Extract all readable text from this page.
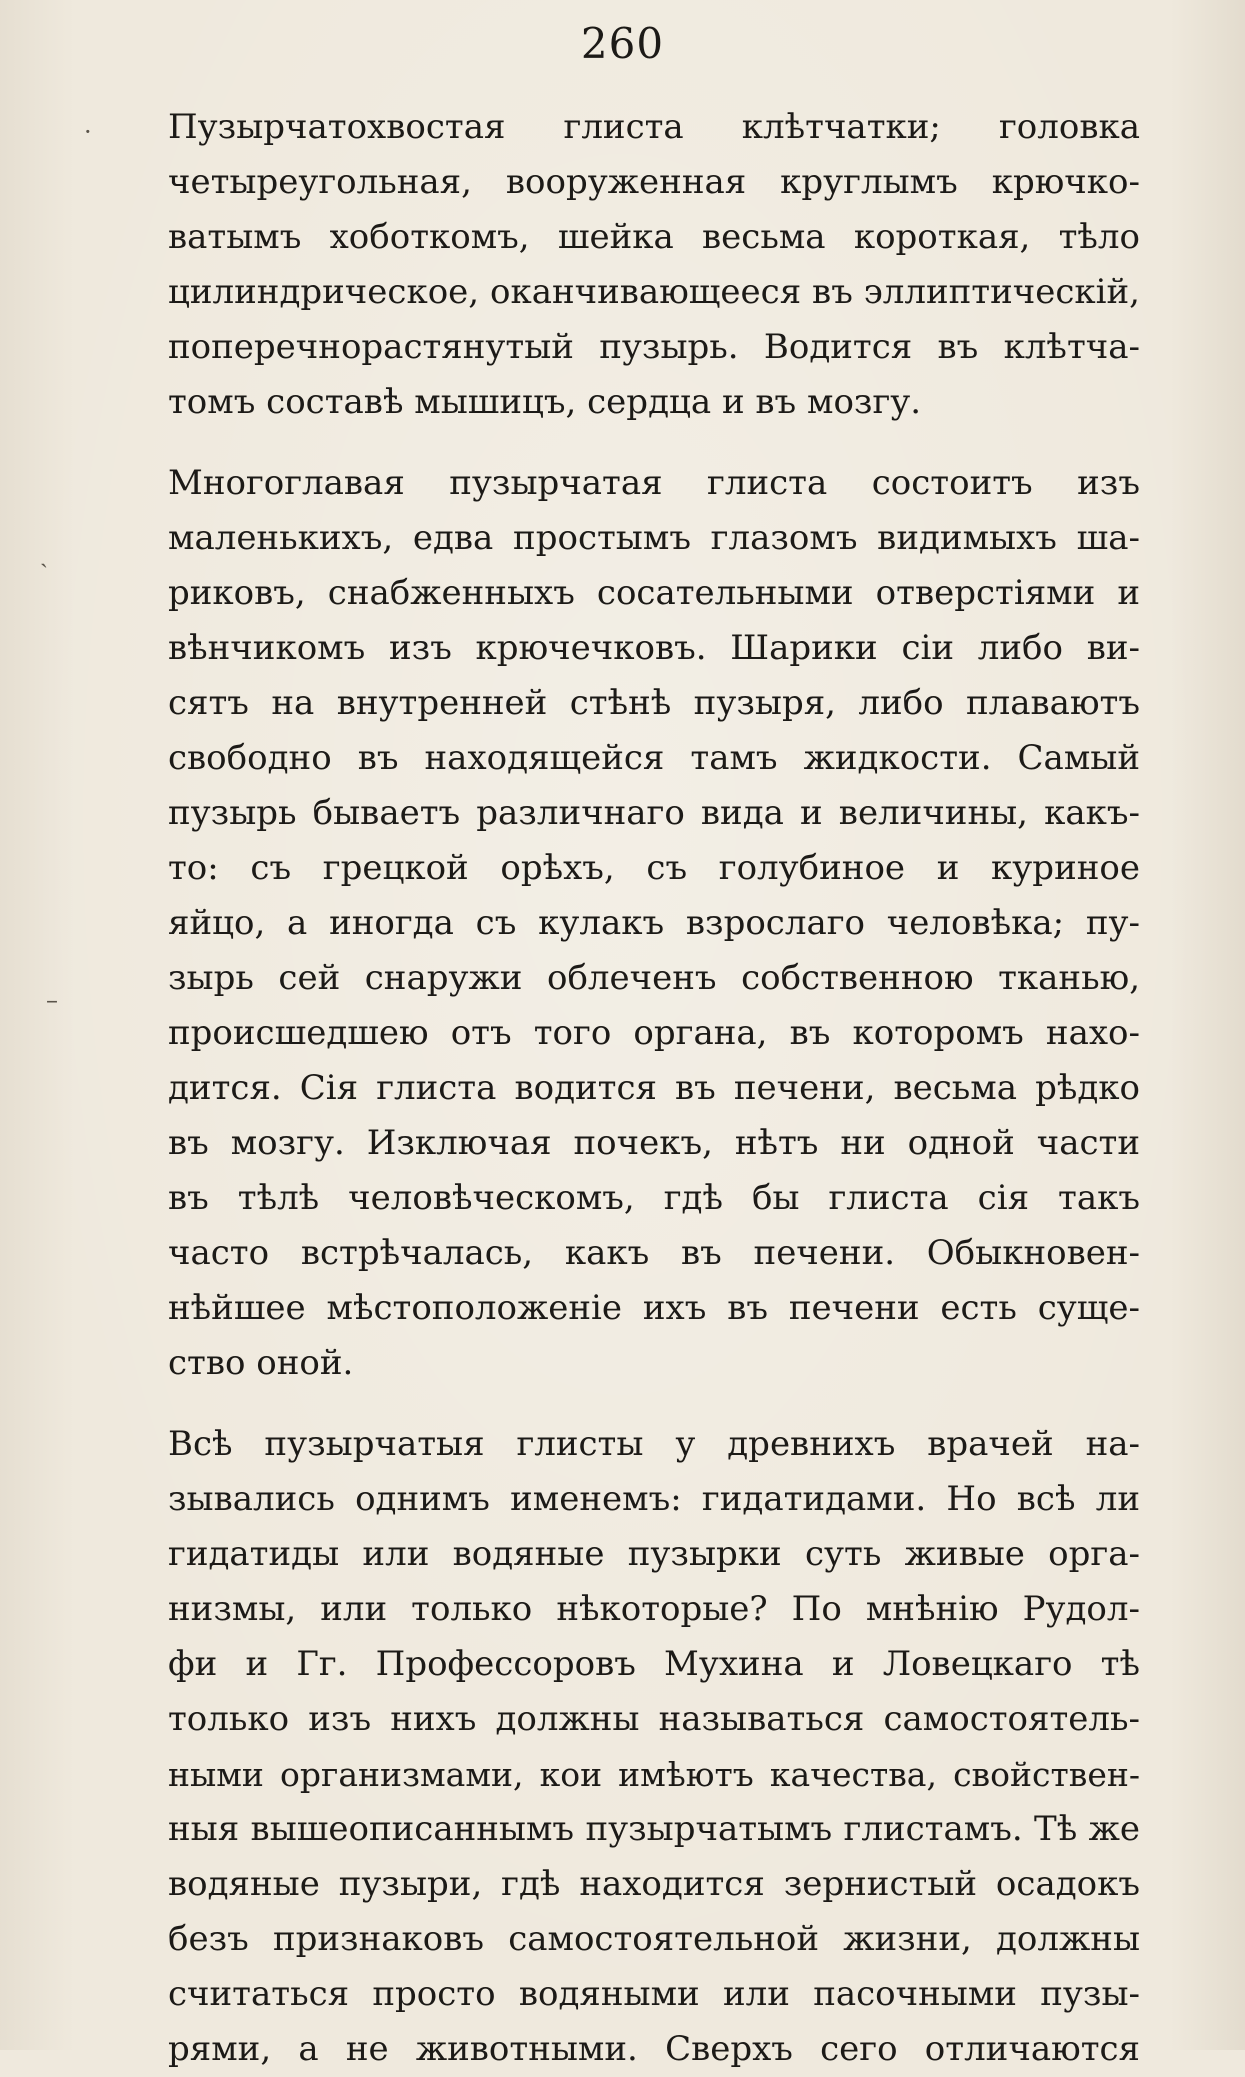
260
·
ˏ
–
Пузырчатохвостая глиста клѣтчатки; головка
четыреугольная, вооруженная круглымъ крючко-
ватымъ хоботкомъ, шейка весьма короткая, тѣло
цилиндрическое, оканчивающееся въ эллиптическій,
поперечнорастянутый пузырь. Водится въ клѣтча-
томъ составѣ мышицъ, сердца и въ мозгу.
Многоглавая пузырчатая глиста состоитъ изъ
маленькихъ, едва простымъ глазомъ видимыхъ ша-
риковъ, снабженныхъ сосательными отверстіями и
вѣнчикомъ изъ крючечковъ. Шарики сіи либо ви-
сятъ на внутренней стѣнѣ пузыря, либо плаваютъ
свободно въ находящейся тамъ жидкости. Самый
пузырь бываетъ различнаго вида и величины, какъ-
то: съ грецкой орѣхъ, съ голубиное и куриное
яйцо, а иногда съ кулакъ взрослаго человѣка; пу-
зырь сей снаружи облеченъ собственною тканью,
происшедшею отъ того органа, въ которомъ нахо-
дится. Сія глиста водится въ печени, весьма рѣдко
въ мозгу. Изключая почекъ, нѣтъ ни одной части
въ тѣлѣ человѣческомъ, гдѣ бы глиста сія такъ
часто встрѣчалась, какъ въ печени. Обыкновен-
нѣйшее мѣстоположеніе ихъ въ печени есть суще-
ство оной.
Всѣ пузырчатыя глисты у древнихъ врачей на-
зывались однимъ именемъ: гидатидами. Но всѣ ли
гидатиды или водяные пузырки суть живые орга-
низмы, или только нѣкоторые? По мнѣнію Рудол-
фи и Гг. Профессоровъ Мухина и Ловецкаго тѣ
только изъ нихъ должны называться самостоятель-
ными организмами, кои имѣютъ качества, свойствен-
ныя вышеописаннымъ пузырчатымъ глистамъ. Тѣ же
водяные пузыри, гдѣ находится зернистый осадокъ
безъ признаковъ самостоятельной жизни, должны
считаться просто водяными или пасочными пузы-
рями, а не животными. Сверхъ сего отличаются
